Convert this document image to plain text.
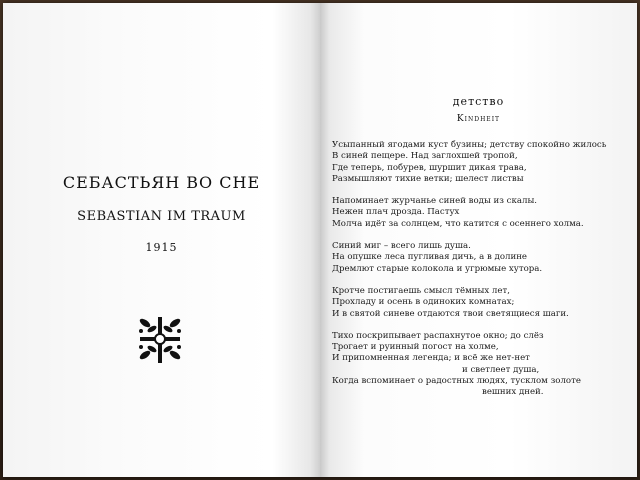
СЕБАСТЬЯН ВО СНЕ
SEBASTIAN IM TRAUM
1915
детство
Kindheit
Усыпанный ягодами куст бузины; детству спокойно жилось
В синей пещере. Над заглохшей тропой,
Где теперь, побурев, шуршит дикая трава,
Размышляют тихие ветки; шелест листвы
Напоминает журчанье синей воды из скалы.
Нежен плач дрозда. Пастух
Молча идёт за солнцем, что катится с осеннего холма.
Синий миг – всего лишь душа.
На опушке леса пугливая дичь, а в долине
Дремлют старые колокола и угрюмые хутора.
Кротче постигаешь смысл тёмных лет,
Прохладу и осень в одиноких комнатах;
И в святой синеве отдаются твои светящиеся шаги.
Тихо поскрипывает распахнутое окно; до слёз
Трогает и руинный погост на холме,
И припомненная легенда; и всё же нет-нет
и светлеет душа,
Когда вспоминает о радостных людях, тусклом золоте
вешних дней.
